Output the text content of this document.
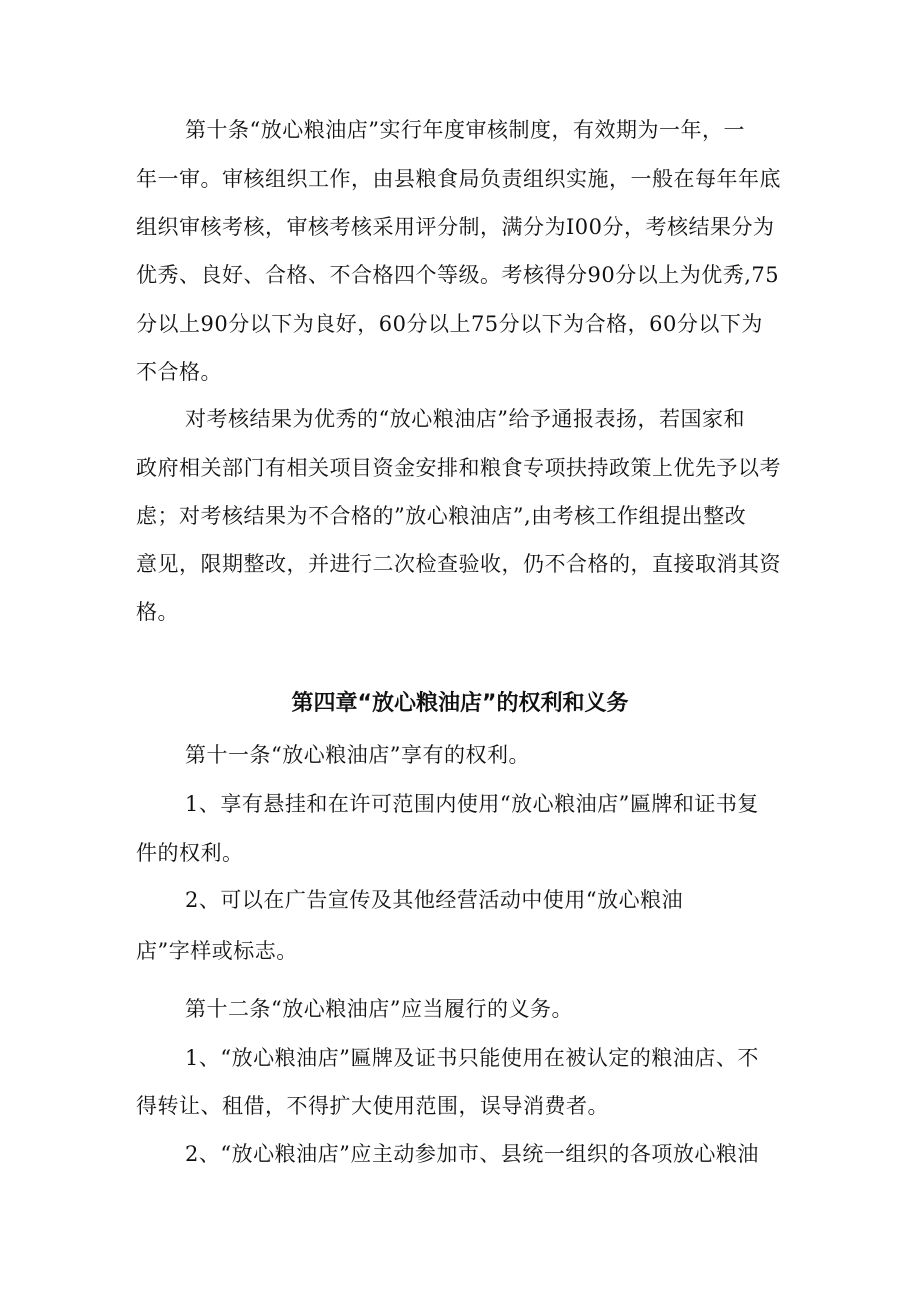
第十条“放心粮油店”实行年度审核制度，有效期为一年，一
年一审。审核组织工作，由县粮食局负责组织实施，一般在每年年底
组织审核考核，审核考核采用评分制，满分为I00分，考核结果分为
优秀、良好、合格、不合格四个等级。考核得分90分以上为优秀,75
分以上90分以下为良好，60分以上75分以下为合格，60分以下为
不合格。
对考核结果为优秀的“放心粮油店”给予通报表扬，若国家和
政府相关部门有相关项目资金安排和粮食专项扶持政策上优先予以考
虑；对考核结果为不合格的”放心粮油店”,由考核工作组提出整改
意见，限期整改，并进行二次检查验收，仍不合格的，直接取消其资
格。
第四章“放心粮油店”的权利和义务
第十一条“放心粮油店”享有的权利。
1、享有悬挂和在许可范围内使用“放心粮油店”匾牌和证书复
件的权利。
2、可以在广告宣传及其他经营活动中使用“放心粮油
店”字样或标志。
第十二条“放心粮油店”应当履行的义务。
1、“放心粮油店”匾牌及证书只能使用在被认定的粮油店、不
得转让、租借，不得扩大使用范围，误导消费者。
2、“放心粮油店”应主动参加市、县统一组织的各项放心粮油
